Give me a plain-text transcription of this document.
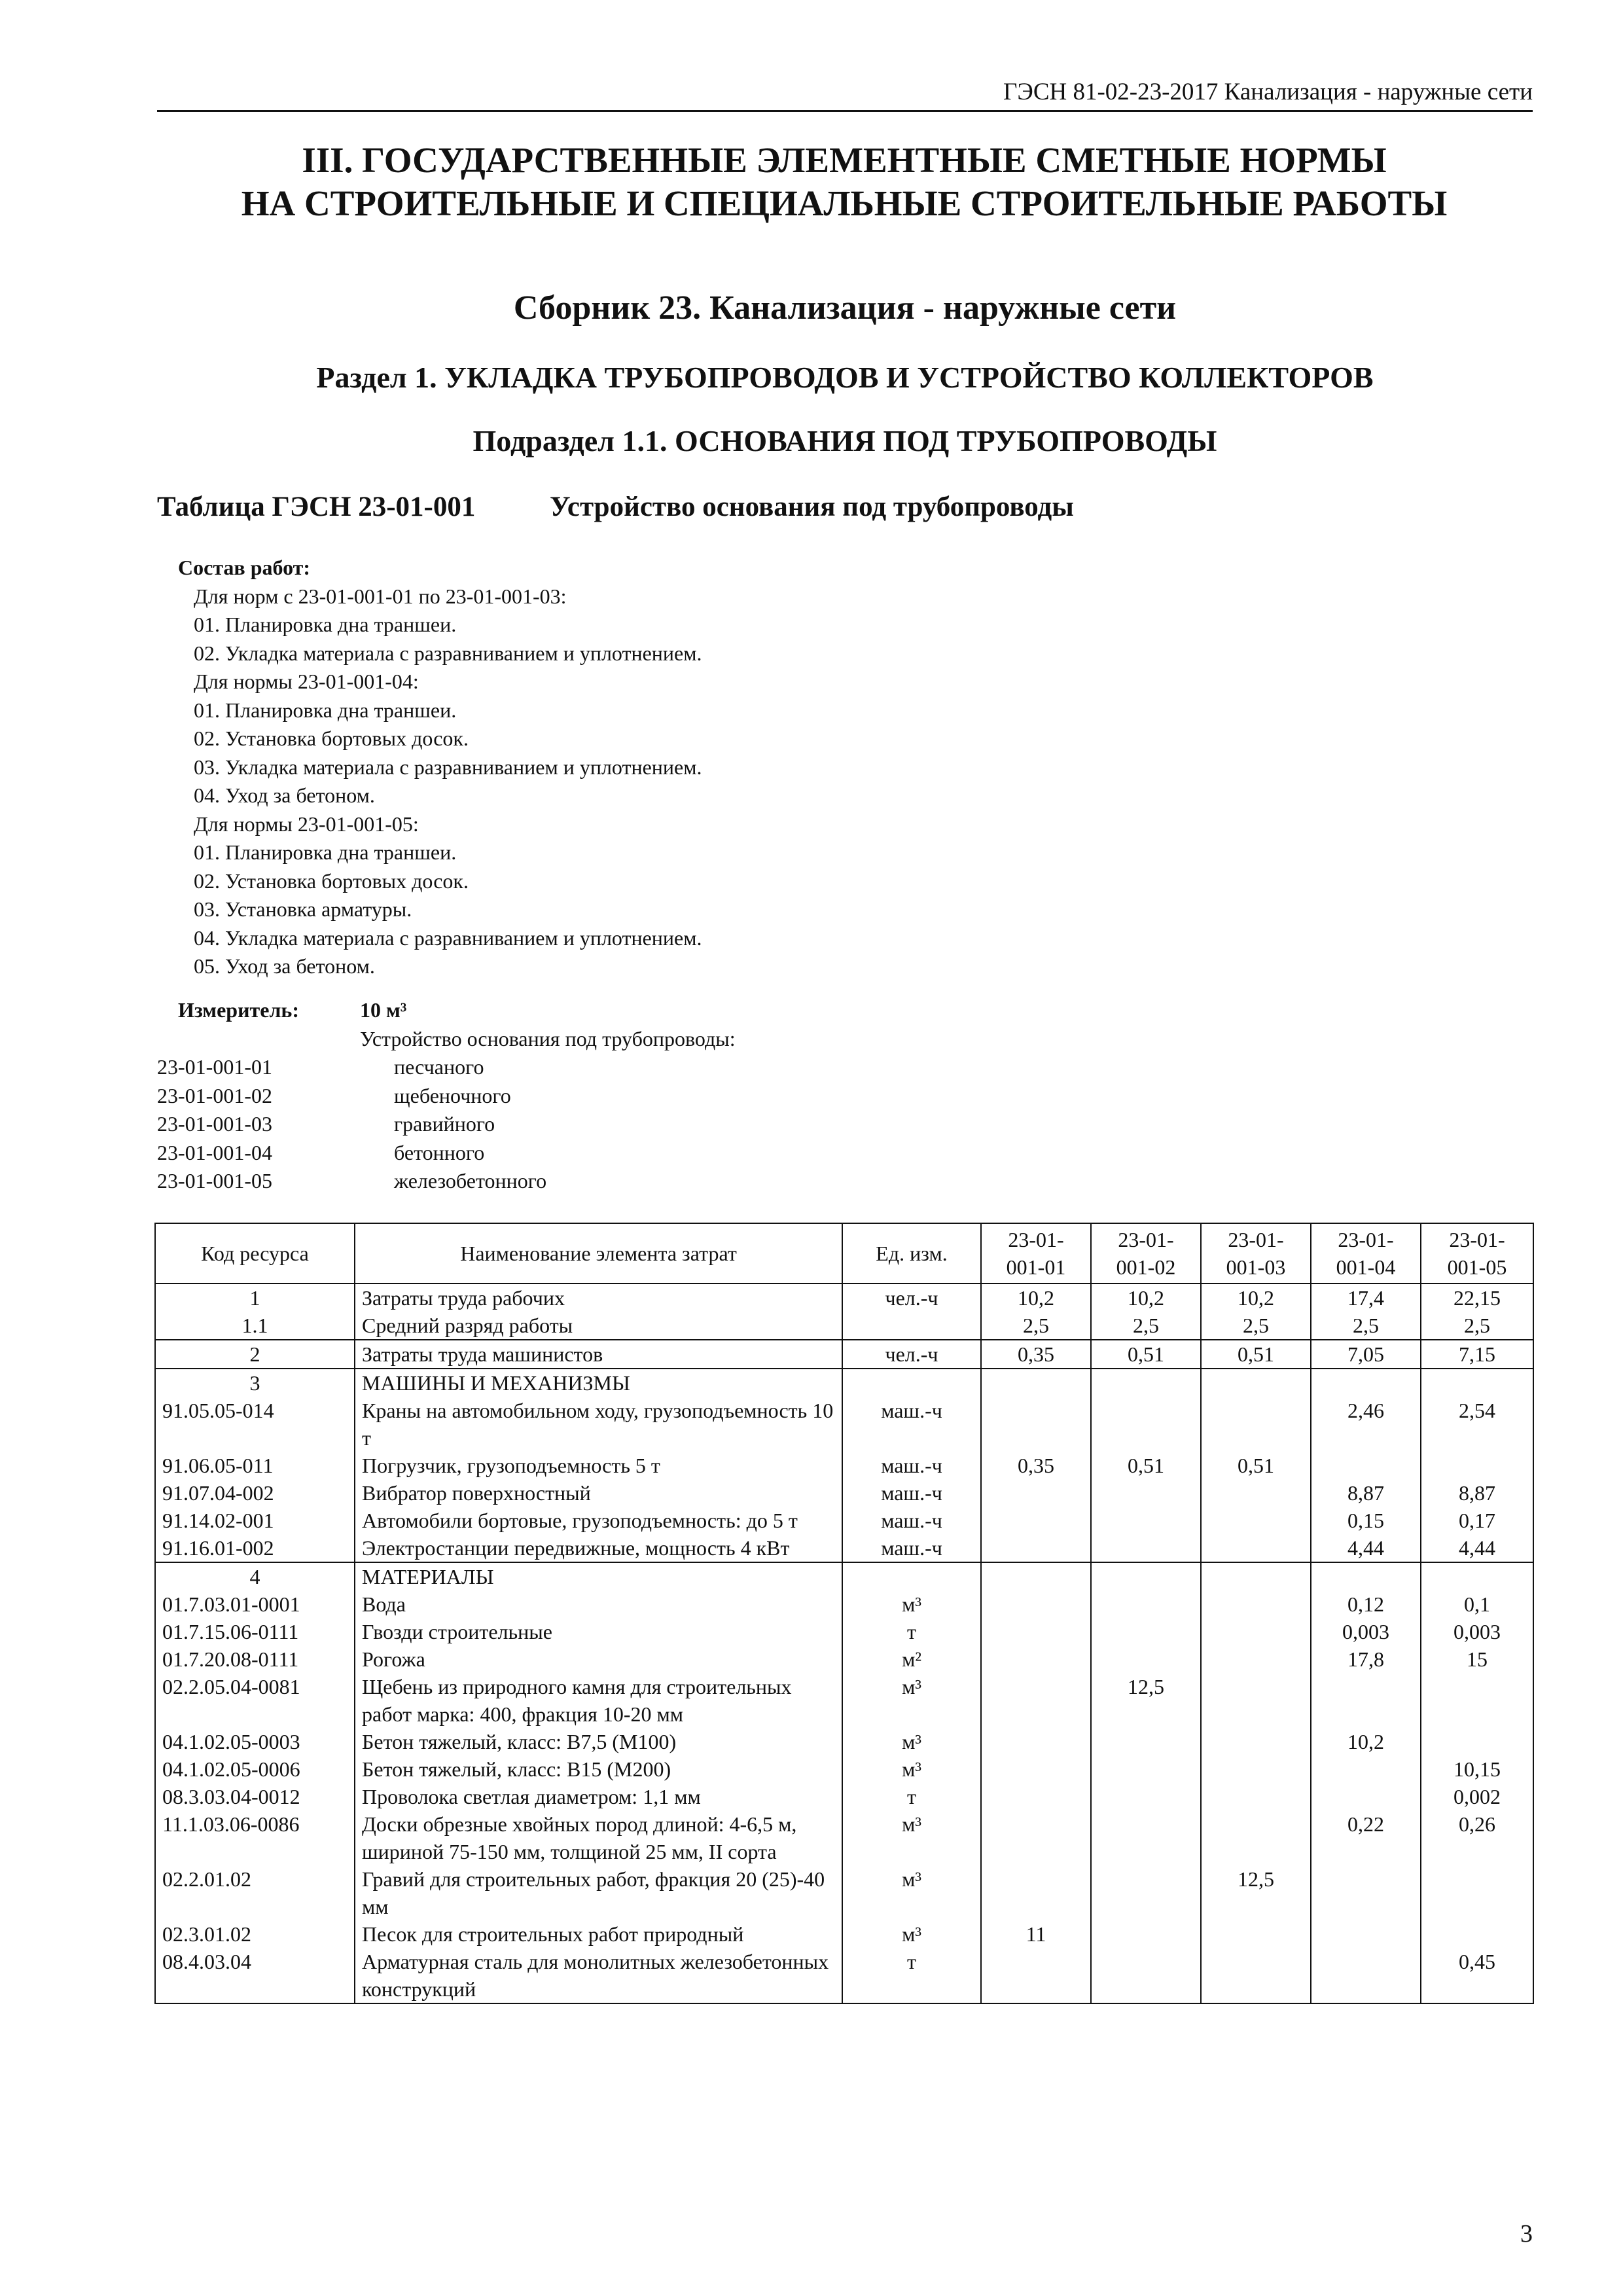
ГЭСН 81-02-23-2017 Канализация - наружные сети
III. ГОСУДАРСТВЕННЫЕ ЭЛЕМЕНТНЫЕ СМЕТНЫЕ НОРМЫ
НА СТРОИТЕЛЬНЫЕ И СПЕЦИАЛЬНЫЕ СТРОИТЕЛЬНЫЕ РАБОТЫ
Сборник 23. Канализация - наружные сети
Раздел 1. УКЛАДКА ТРУБОПРОВОДОВ И УСТРОЙСТВО КОЛЛЕКТОРОВ
Подраздел 1.1. ОСНОВАНИЯ ПОД ТРУБОПРОВОДЫ
Таблица ГЭСН 23-01-001	Устройство основания под трубопроводы
Состав работ:
Для норм с 23-01-001-01 по 23-01-001-03:
01. Планировка дна траншеи.
02. Укладка материала с разравниванием и уплотнением.
Для нормы 23-01-001-04:
01. Планировка дна траншеи.
02. Установка бортовых досок.
03. Укладка материала с разравниванием и уплотнением.
04. Уход за бетоном.
Для нормы 23-01-001-05:
01. Планировка дна траншеи.
02. Установка бортовых досок.
03. Установка арматуры.
04. Укладка материала с разравниванием и уплотнением.
05. Уход за бетоном.
Измеритель:	10 м³
Устройство основания под трубопроводы:
23-01-001-01	песчаного
23-01-001-02	щебеночного
23-01-001-03	гравийного
23-01-001-04	бетонного
23-01-001-05	железобетонного
Код ресурса	Наименование элемента затрат	Ед. изм.	23-01-
001-01	23-01-
001-02	23-01-
001-03	23-01-
001-04	23-01-
001-05
1	Затраты труда рабочих	чел.-ч	10,2	10,2	10,2	17,4	22,15
1.1	Средний разряд работы		2,5	2,5	2,5	2,5	2,5
2	Затраты труда машинистов	чел.-ч	0,35	0,51	0,51	7,05	7,15
3	МАШИНЫ И МЕХАНИЗМЫ						
91.05.05-014	Краны на автомобильном ходу, грузоподъемность 10 т	маш.-ч				2,46	2,54
91.06.05-011	Погрузчик, грузоподъемность 5 т	маш.-ч	0,35	0,51	0,51		
91.07.04-002	Вибратор поверхностный	маш.-ч				8,87	8,87
91.14.02-001	Автомобили бортовые, грузоподъемность: до 5 т	маш.-ч				0,15	0,17
91.16.01-002	Электростанции передвижные, мощность 4 кВт	маш.-ч				4,44	4,44
4	МАТЕРИАЛЫ						
01.7.03.01-0001	Вода	м³				0,12	0,1
01.7.15.06-0111	Гвозди строительные	т				0,003	0,003
01.7.20.08-0111	Рогожа	м²				17,8	15
02.2.05.04-0081	Щебень из природного камня для строительных работ марка: 400, фракция 10-20 мм	м³		12,5			
04.1.02.05-0003	Бетон тяжелый, класс: В7,5 (М100)	м³				10,2	
04.1.02.05-0006	Бетон тяжелый, класс: В15 (М200)	м³					10,15
08.3.03.04-0012	Проволока светлая диаметром: 1,1 мм	т					0,002
11.1.03.06-0086	Доски обрезные хвойных пород длиной: 4-6,5 м, шириной 75-150 мм, толщиной 25 мм, II сорта	м³				0,22	0,26
02.2.01.02	Гравий для строительных работ, фракция 20 (25)-40 мм	м³			12,5		
02.3.01.02	Песок для строительных работ природный	м³	11				
08.4.03.04	Арматурная сталь для монолитных железобетонных конструкций	т					0,45
3
